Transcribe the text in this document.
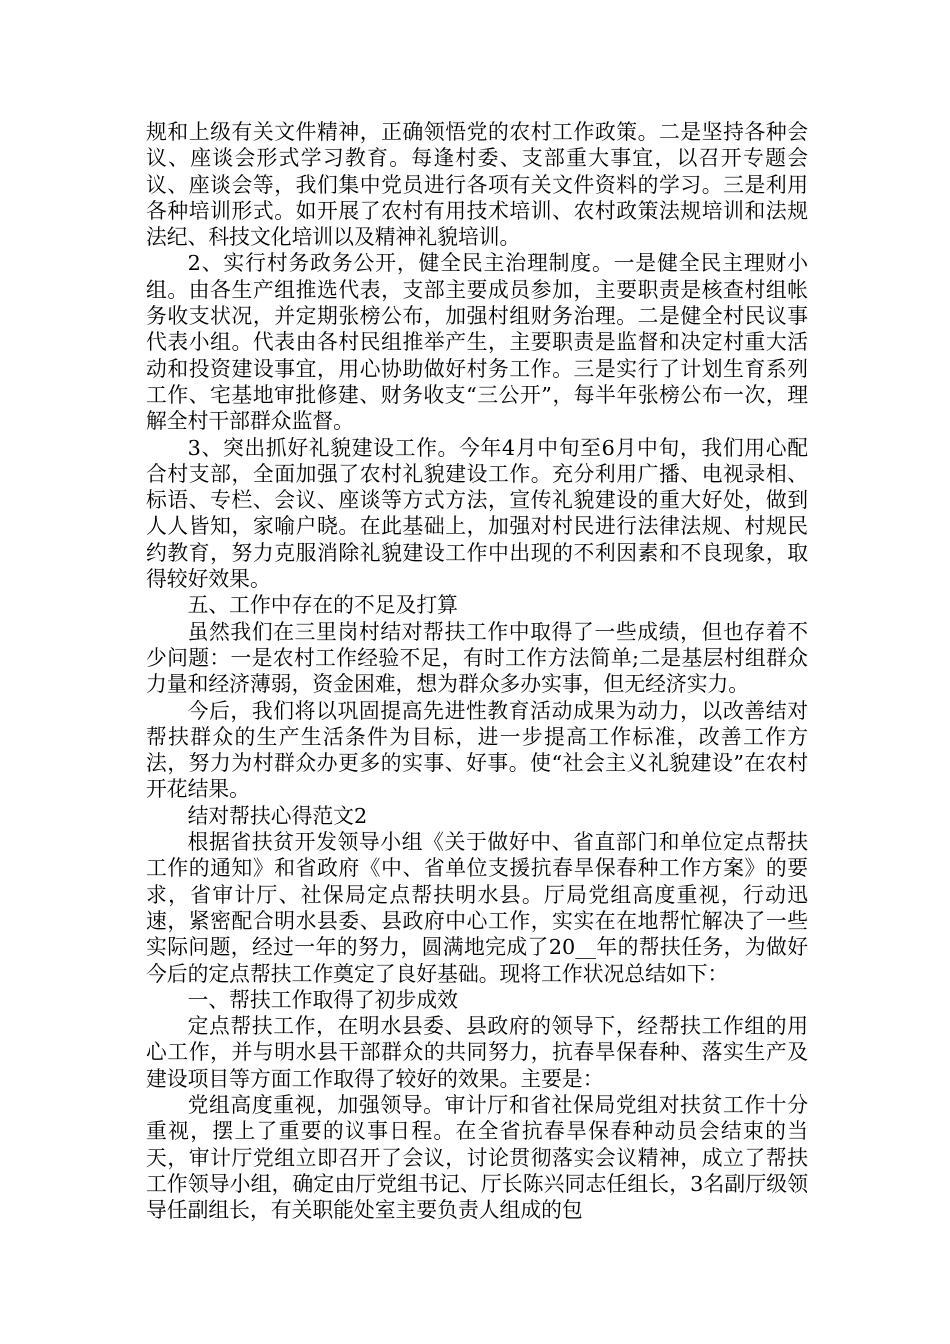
规和上级有关文件精神，正确领悟党的农村工作政策。二是坚持各种会议、座谈会形式学习教育。每逢村委、支部重大事宜，以召开专题会议、座谈会等，我们集中党员进行各项有关文件资料的学习。三是利用各种培训形式。如开展了农村有用技术培训、农村政策法规培训和法规法纪、科技文化培训以及精神礼貌培训。

2、实行村务政务公开，健全民主治理制度。一是健全民主理财小组。由各生产组推选代表，支部主要成员参加，主要职责是核查村组帐务收支状况，并定期张榜公布，加强村组财务治理。二是健全村民议事代表小组。代表由各村民组推举产生，主要职责是监督和决定村重大活动和投资建设事宜，用心协助做好村务工作。三是实行了计划生育系列工作、宅基地审批修建、财务收支“三公开”，每半年张榜公布一次，理解全村干部群众监督。

3、突出抓好礼貌建设工作。今年4月中旬至6月中旬，我们用心配合村支部，全面加强了农村礼貌建设工作。充分利用广播、电视录相、标语、专栏、会议、座谈等方式方法，宣传礼貌建设的重大好处，做到人人皆知，家喻户晓。在此基础上，加强对村民进行法律法规、村规民约教育，努力克服消除礼貌建设工作中出现的不利因素和不良现象，取得较好效果。

五、工作中存在的不足及打算

虽然我们在三里岗村结对帮扶工作中取得了一些成绩，但也存着不少问题：一是农村工作经验不足，有时工作方法简单;二是基层村组群众力量和经济薄弱，资金困难，想为群众多办实事，但无经济实力。

今后，我们将以巩固提高先进性教育活动成果为动力，以改善结对帮扶群众的生产生活条件为目标，进一步提高工作标准，改善工作方法，努力为村群众办更多的实事、好事。使“社会主义礼貌建设”在农村开花结果。

结对帮扶心得范文2

根据省扶贫开发领导小组《关于做好中、省直部门和单位定点帮扶工作的通知》和省政府《中、省单位支援抗春旱保春种工作方案》的要求，省审计厅、社保局定点帮扶明水县。厅局党组高度重视，行动迅速，紧密配合明水县委、县政府中心工作，实实在在地帮忙解决了一些实际问题，经过一年的努力，圆满地完成了20__年的帮扶任务，为做好今后的定点帮扶工作奠定了良好基础。现将工作状况总结如下：

一、帮扶工作取得了初步成效

定点帮扶工作，在明水县委、县政府的领导下，经帮扶工作组的用心工作，并与明水县干部群众的共同努力，抗春旱保春种、落实生产及建设项目等方面工作取得了较好的效果。主要是：

党组高度重视，加强领导。审计厅和省社保局党组对扶贫工作十分重视，摆上了重要的议事日程。在全省抗春旱保春种动员会结束的当天，审计厅党组立即召开了会议，讨论贯彻落实会议精神，成立了帮扶工作领导小组，确定由厅党组书记、厅长陈兴同志任组长，3名副厅级领导任副组长，有关职能处室主要负责人组成的包
